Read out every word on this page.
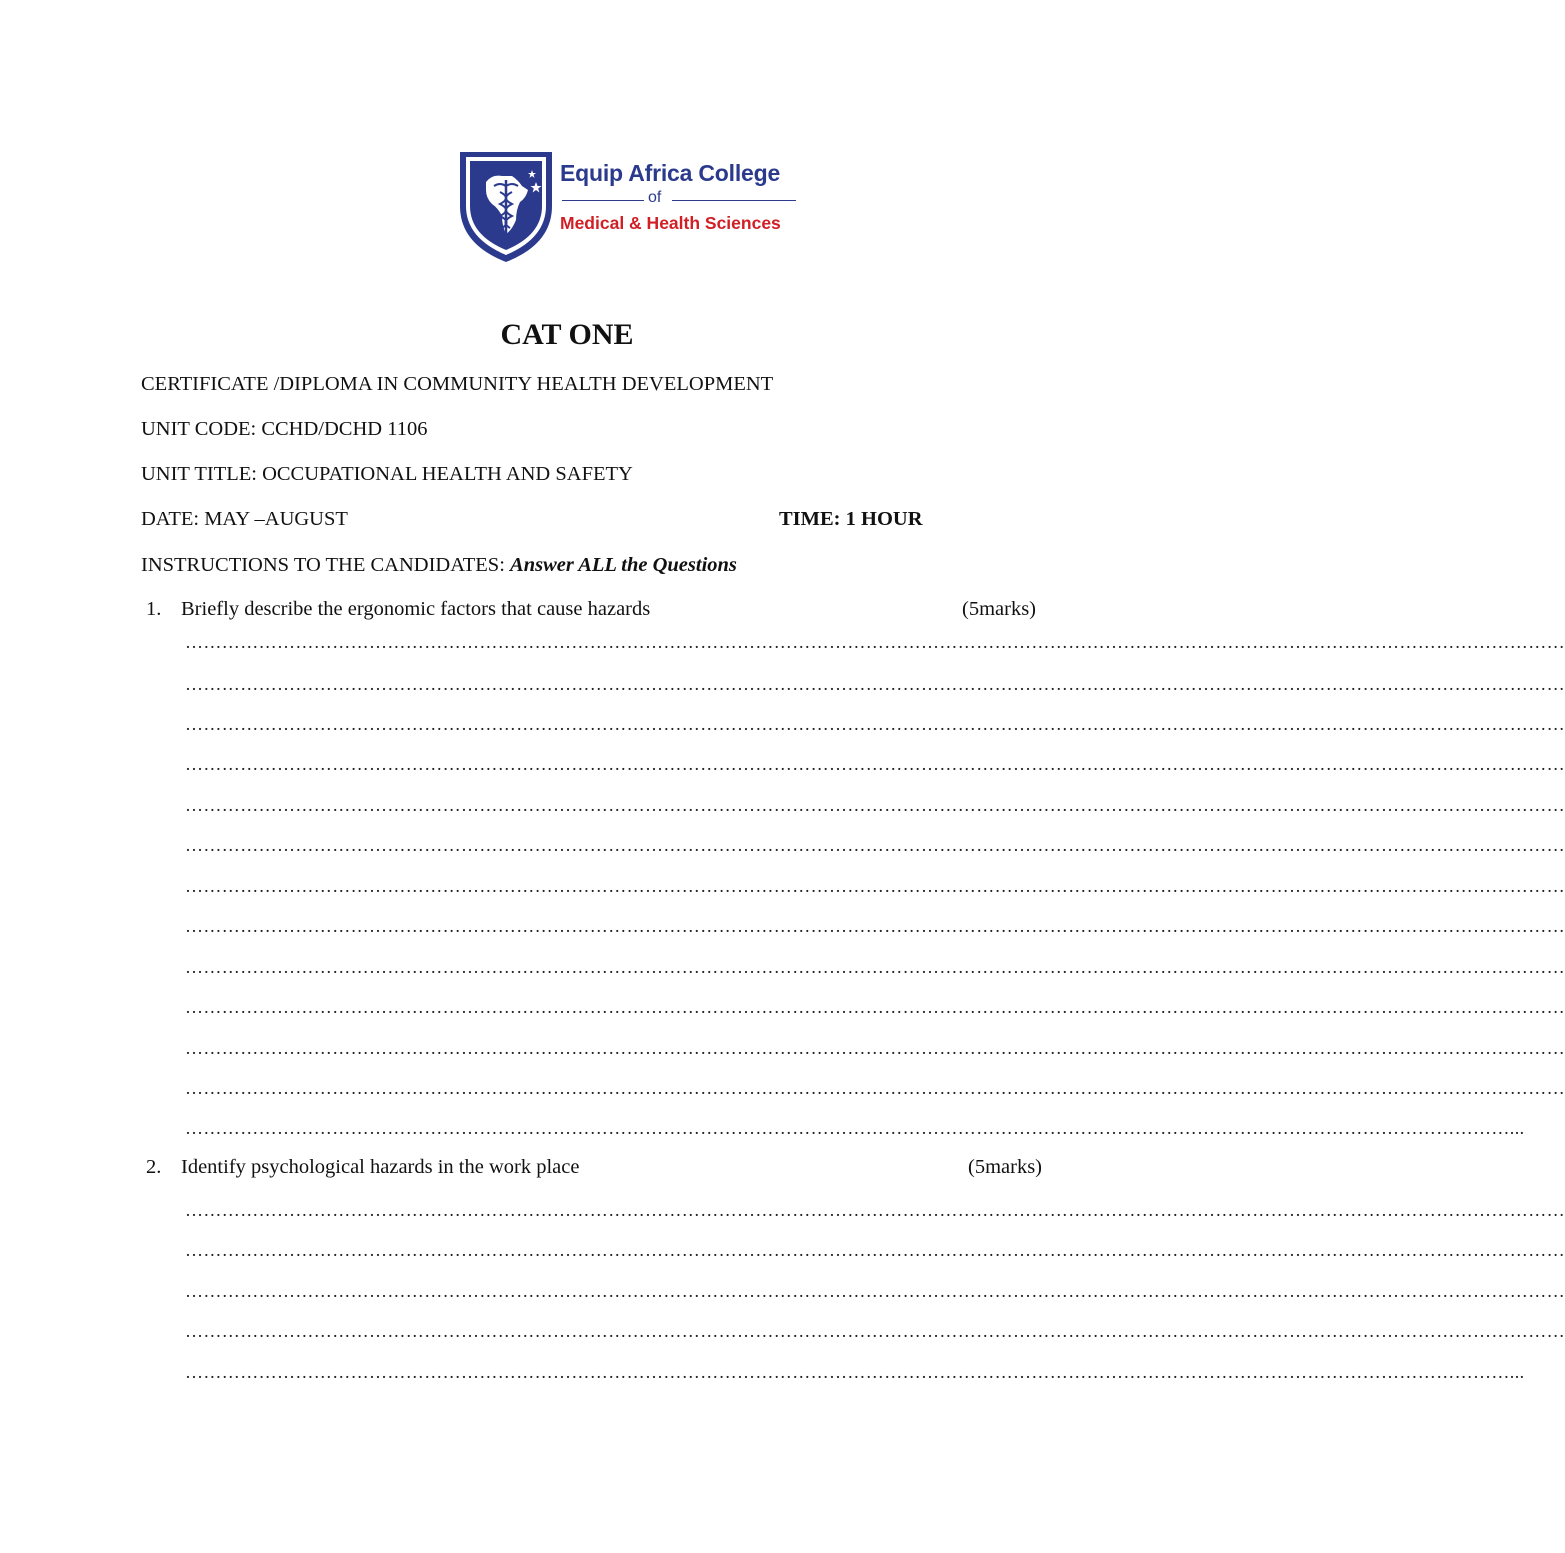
Equip Africa College
of
Medical & Health Sciences
CAT ONE
CERTIFICATE /DIPLOMA IN COMMUNITY HEALTH DEVELOPMENT
UNIT CODE: CCHD/DCHD 1106
UNIT TITLE: OCCUPATIONAL HEALTH AND SAFETY
DATE: MAY –AUGUST	TIME: 1 HOUR
INSTRUCTIONS TO THE CANDIDATES: Answer ALL the Questions
1. Briefly describe the ergonomic factors that cause hazards	(5marks)
………………………………………………………………………………………………………………………………………………………………………………………………………
………………………………………………………………………………………………………………………………………………………………………………………………………
………………………………………………………………………………………………………………………………………………………………………………………………………
………………………………………………………………………………………………………………………………………………………………………………………………………
………………………………………………………………………………………………………………………………………………………………………………………………………
………………………………………………………………………………………………………………………………………………………………………………………………………
………………………………………………………………………………………………………………………………………………………………………………………………………
………………………………………………………………………………………………………………………………………………………………………………………………………
………………………………………………………………………………………………………………………………………………………………………………………………………
………………………………………………………………………………………………………………………………………………………………………………………………………
………………………………………………………………………………………………………………………………………………………………………………………………………
………………………………………………………………………………………………………………………………………………………………………………………………………
………………………………………………………………………………………………………………………………………………………………………………………………...
2. Identify psychological hazards in the work place	(5marks)
………………………………………………………………………………………………………………………………………………………………………………………………………
………………………………………………………………………………………………………………………………………………………………………………………………………
………………………………………………………………………………………………………………………………………………………………………………………………………
………………………………………………………………………………………………………………………………………………………………………………………………………
………………………………………………………………………………………………………………………………………………………………………………………………...
